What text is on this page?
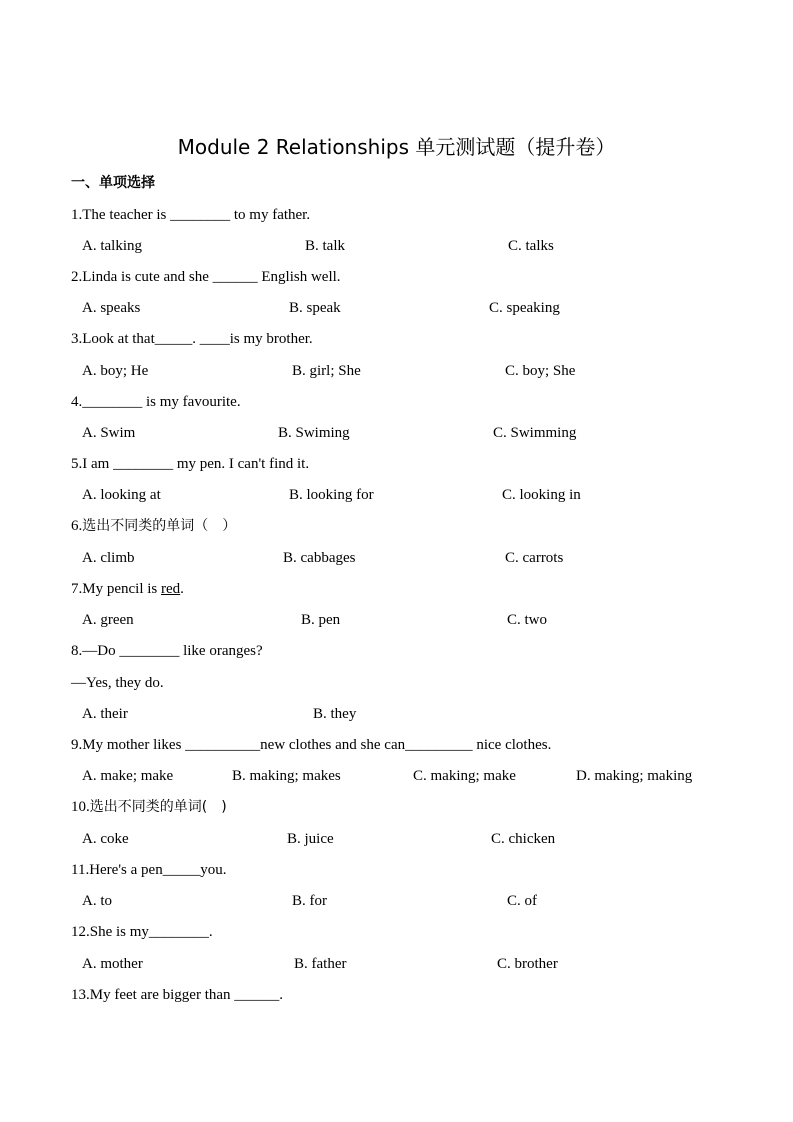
Module 2 Relationships 单元测试题（提升卷）
一、单项选择
1.The teacher is ________ to my father.
A. talking	B. talk	C. talks
2.Linda is cute and she ______ English well.
A. speaks	B. speak	C. speaking
3.Look at that_____. ____is my brother.
A. boy; He	B. girl; She	C. boy; She
4.________ is my favourite.
A. Swim	B. Swiming	C. Swimming
5.I am ________ my pen. I can't find it.
A. looking at	B. looking for	C. looking in
6.选出不同类的单词（　）
A. climb	B. cabbages	C. carrots
7.My pencil is red.
A. green	B. pen	C. two
8.—Do ________ like oranges?
—Yes, they do.
A. their	B. they
9.My mother likes __________new clothes and she can_________ nice clothes.
A. make; make	B. making; makes	C. making; make	D. making; making
10.选出不同类的单词(　)
A. coke	B. juice	C. chicken
11.Here's a pen_____you.
A. to	B. for	C. of
12.She is my________.
A. mother	B. father	C. brother
13.My feet are bigger than ______.
